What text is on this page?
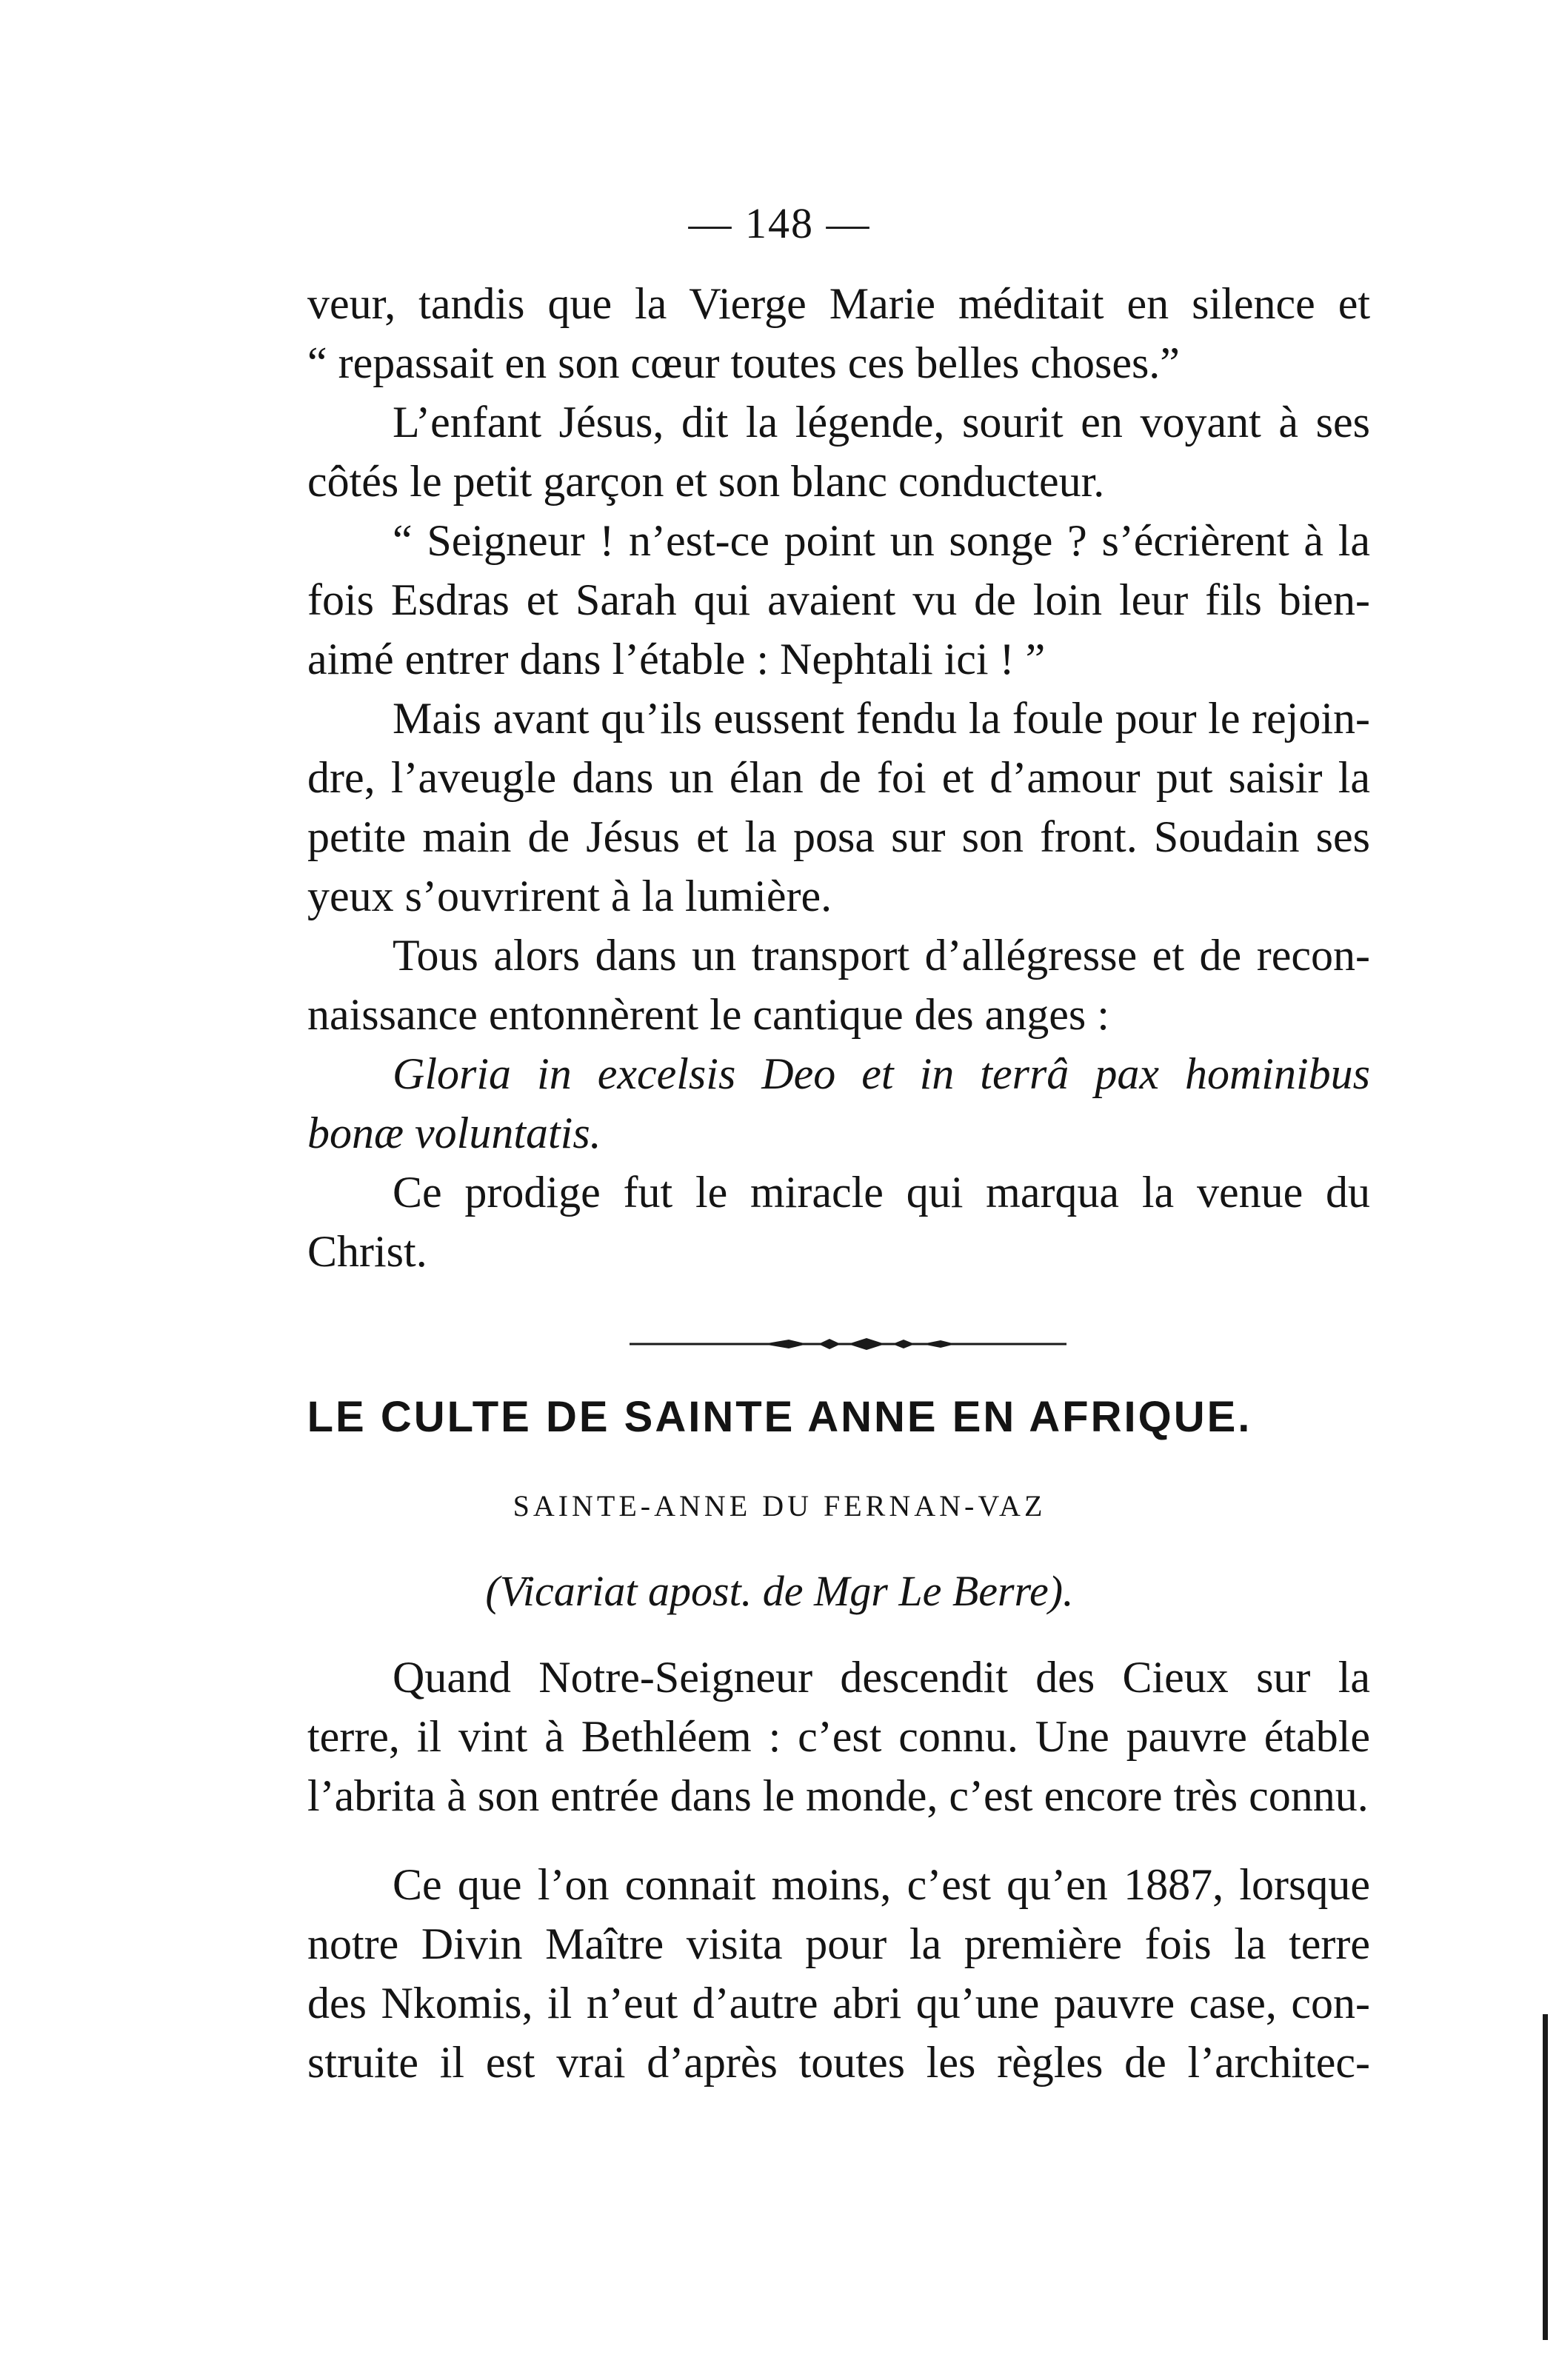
— 148 —
veur, tandis que la Vierge Marie méditait en silence et
“ repassait en son cœur toutes ces belles choses.”
L’enfant Jésus, dit la légende, sourit en voyant à ses
côtés le petit garçon et son blanc conducteur.
“ Seigneur ! n’est-ce point un songe ? s’écrièrent à la
fois Esdras et Sarah qui avaient vu de loin leur fils bien-
aimé entrer dans l’étable : Nephtali ici ! ”
Mais avant qu’ils eussent fendu la foule pour le rejoin-
dre, l’aveugle dans un élan de foi et d’amour put saisir la
petite main de Jésus et la posa sur son front. Soudain ses
yeux s’ouvrirent à la lumière.
Tous alors dans un transport d’allégresse et de recon-
naissance entonnèrent le cantique des anges :
Gloria in excelsis Deo et in terrâ pax hominibus
bonæ voluntatis.
Ce prodige fut le miracle qui marqua la venue du
Christ.
LE CULTE DE SAINTE ANNE EN AFRIQUE.
SAINTE-ANNE DU FERNAN-VAZ
(Vicariat apost. de Mgr Le Berre).
Quand Notre-Seigneur descendit des Cieux sur la
terre, il vint à Bethléem : c’est connu. Une pauvre étable
l’abrita à son entrée dans le monde, c’est encore très connu.
Ce que l’on connait moins, c’est qu’en 1887, lorsque
notre Divin Maître visita pour la première fois la terre
des Nkomis, il n’eut d’autre abri qu’une pauvre case, con-
struite il est vrai d’après toutes les règles de l’architec-
